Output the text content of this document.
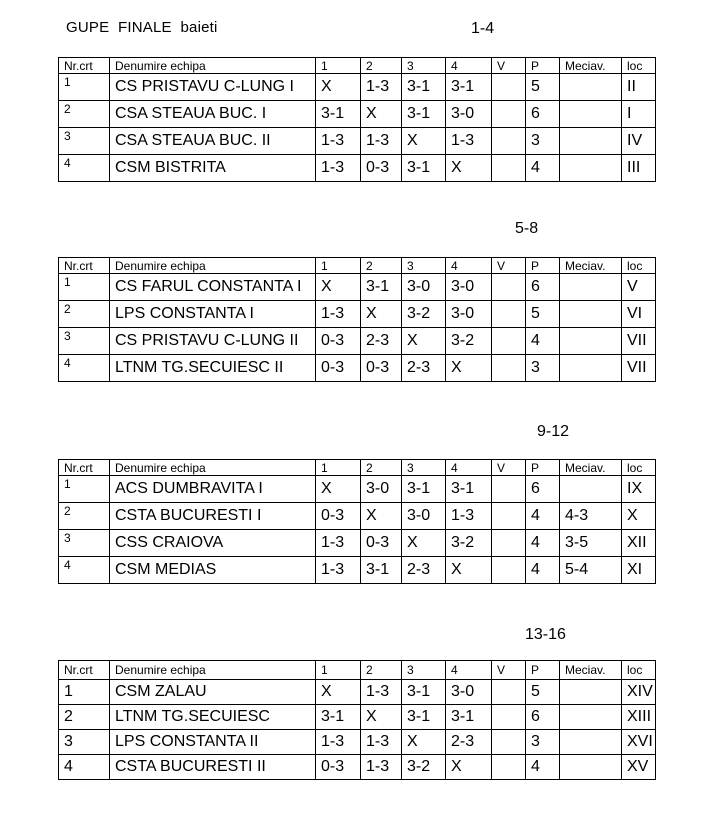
GUPE  FINALE  baieti	1-4
Nr.crt	Denumire echipa	1	2	3	4	V	P	Meciav.	loc
1	CS PRISTAVU C-LUNG I	X	1-3	3-1	3-1		5		II
2	CSA STEAUA BUC. I	3-1	X	3-1	3-0		6		I
3	CSA STEAUA BUC. II	1-3	1-3	X	1-3		3		IV
4	CSM BISTRITA	1-3	0-3	3-1	X		4		III
5-8
Nr.crt	Denumire echipa	1	2	3	4	V	P	Meciav.	loc
1	CS FARUL CONSTANTA I	X	3-1	3-0	3-0		6		V
2	LPS CONSTANTA I	1-3	X	3-2	3-0		5		VI
3	CS PRISTAVU C-LUNG II	0-3	2-3	X	3-2		4		VII
4	LTNM TG.SECUIESC II	0-3	0-3	2-3	X		3		VII
9-12
Nr.crt	Denumire echipa	1	2	3	4	V	P	Meciav.	loc
1	ACS DUMBRAVITA I	X	3-0	3-1	3-1		6		IX
2	CSTA BUCURESTI I	0-3	X	3-0	1-3		4	4-3	X
3	CSS CRAIOVA	1-3	0-3	X	3-2		4	3-5	XII
4	CSM MEDIAS	1-3	3-1	2-3	X		4	5-4	XI
13-16
Nr.crt	Denumire echipa	1	2	3	4	V	P	Meciav.	loc
1	CSM ZALAU	X	1-3	3-1	3-0		5		XIV
2	LTNM TG.SECUIESC	3-1	X	3-1	3-1		6		XIII
3	LPS CONSTANTA II	1-3	1-3	X	2-3		3		XVI
4	CSTA BUCURESTI II	0-3	1-3	3-2	X		4		XV
